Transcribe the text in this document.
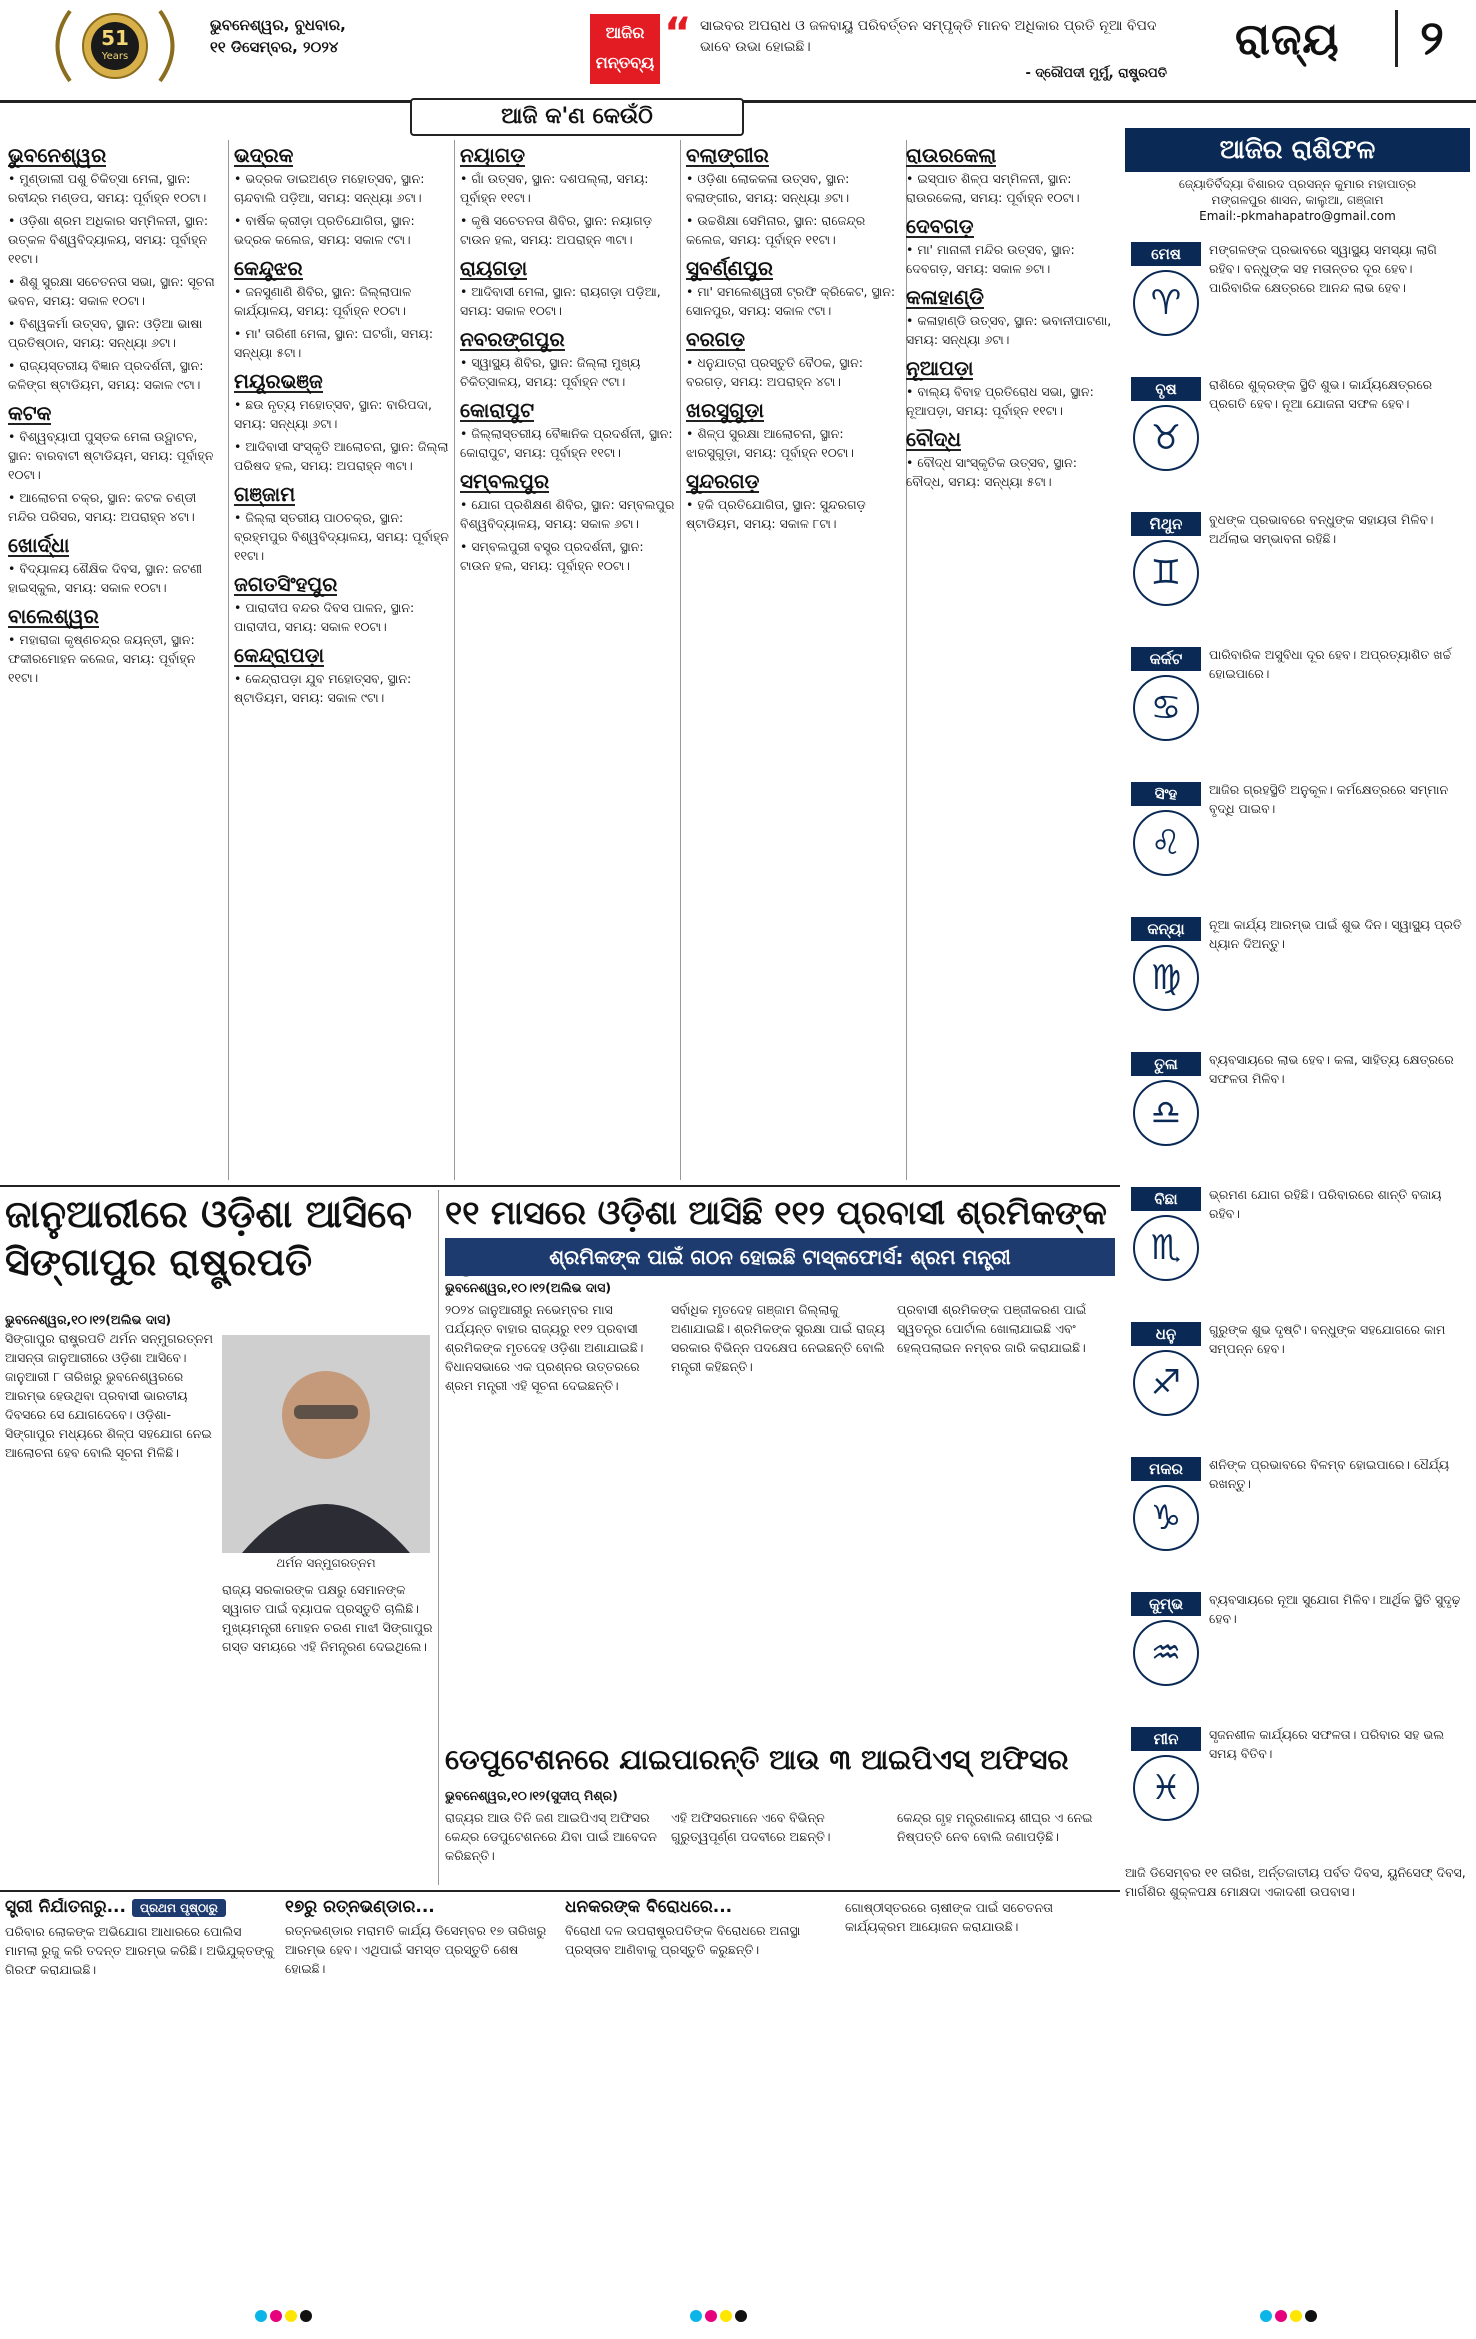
51
Years
ଭୁବନେଶ୍ୱର, ବୁଧବାର,
୧୧ ଡିସେମ୍ବର, ୨୦୨୪
ଆଜିର ମନ୍ତବ୍ୟ
“ ସାଇବର ଅପରାଧ ଓ ଜଳବାୟୁ ପରିବର୍ତ୍ତନ ସମ୍ପୃକ୍ତି ମାନବ ଅଧିକାର ପ୍ରତି ନୂଆ ବିପଦ ଭାବେ ଉଭା ହୋଇଛି।
- ଦ୍ରୌପଦୀ ମୁର୍ମୁ, ରାଷ୍ଟ୍ରପତି
ରାଜ୍ୟ	୨
ଆଜି କ'ଣ କେଉଁଠି
ଭୁବନେଶ୍ୱର

• ମୁଣ୍ଡାଲୀ ପଶୁ ଚିକିତ୍ସା ମେଳା, ସ୍ଥାନ: ରବୀନ୍ଦ୍ର ମଣ୍ଡପ, ସମୟ: ପୂର୍ବାହ୍ନ ୧୦ଟା।

• ଓଡ଼ିଶା ଶ୍ରମ ଅଧିକାର ସମ୍ମିଳନୀ, ସ୍ଥାନ: ଉତ୍କଳ ବିଶ୍ୱବିଦ୍ୟାଳୟ, ସମୟ: ପୂର୍ବାହ୍ନ ୧୧ଟା।

• ଶିଶୁ ସୁରକ୍ଷା ସଚେତନତା ସଭା, ସ୍ଥାନ: ସୂଚନା ଭବନ, ସମୟ: ସକାଳ ୧୦ଟା।

• ବିଶ୍ୱକର୍ମା ଉତ୍ସବ, ସ୍ଥାନ: ଓଡ଼ିଆ ଭାଷା ପ୍ରତିଷ୍ଠାନ, ସମୟ: ସନ୍ଧ୍ୟା ୬ଟା।

• ରାଜ୍ୟସ୍ତରୀୟ ବିଜ୍ଞାନ ପ୍ରଦର୍ଶନୀ, ସ୍ଥାନ: କଳିଙ୍ଗ ଷ୍ଟାଡିୟମ, ସମୟ: ସକାଳ ୯ଟା।

କଟକ

• ବିଶ୍ୱବ୍ୟାପୀ ପୁସ୍ତକ ମେଳା ଉଦ୍ଘାଟନ, ସ୍ଥାନ: ବାରବାଟୀ ଷ୍ଟାଡିୟମ, ସମୟ: ପୂର୍ବାହ୍ନ ୧୦ଟା।

• ଆଲୋଚନା ଚକ୍ର, ସ୍ଥାନ: କଟକ ଚଣ୍ଡୀ ମନ୍ଦିର ପରିସର, ସମୟ: ଅପରାହ୍ନ ୪ଟା।

ଖୋର୍ଦ୍ଧା

• ବିଦ୍ୟାଳୟ ଶୈକ୍ଷିକ ଦିବସ, ସ୍ଥାନ: ଜଟଣୀ ହାଇସ୍କୁଲ, ସମୟ: ସକାଳ ୧୦ଟା।

ବାଲେଶ୍ୱର

• ମହାରାଜା କୃଷ୍ଣଚନ୍ଦ୍ର ଜୟନ୍ତୀ, ସ୍ଥାନ: ଫକୀରମୋହନ କଲେଜ, ସମୟ: ପୂର୍ବାହ୍ନ ୧୧ଟା।

ଭଦ୍ରକ

• ଭଦ୍ରକ ଡାଇଅଣ୍ଡ ମହୋତ୍ସବ, ସ୍ଥାନ: ଚାନ୍ଦବାଲି ପଡ଼ିଆ, ସମୟ: ସନ୍ଧ୍ୟା ୬ଟା।

• ବାର୍ଷିକ କ୍ରୀଡ଼ା ପ୍ରତିଯୋଗିତା, ସ୍ଥାନ: ଭଦ୍ରକ କଲେଜ, ସମୟ: ସକାଳ ୯ଟା।

କେନ୍ଦୁଝର

• ଜନସୁଣାଣି ଶିବିର, ସ୍ଥାନ: ଜିଲ୍ଲାପାଳ କାର୍ଯ୍ୟାଳୟ, ସମୟ: ପୂର୍ବାହ୍ନ ୧୦ଟା।

• ମା' ତାରିଣୀ ମେଳା, ସ୍ଥାନ: ଘଟଗାଁ, ସମୟ: ସନ୍ଧ୍ୟା ୫ଟା।

ମୟୂରଭଞ୍ଜ

• ଛଉ ନୃତ୍ୟ ମହୋତ୍ସବ, ସ୍ଥାନ: ବାରିପଦା, ସମୟ: ସନ୍ଧ୍ୟା ୬ଟା।

• ଆଦିବାସୀ ସଂସ୍କୃତି ଆଲୋଚନା, ସ୍ଥାନ: ଜିଲ୍ଲା ପରିଷଦ ହଲ, ସମୟ: ଅପରାହ୍ନ ୩ଟା।

ଗଞ୍ଜାମ

• ଜିଲ୍ଲା ସ୍ତରୀୟ ପାଠଚକ୍ର, ସ୍ଥାନ: ବ୍ରହ୍ମପୁର ବିଶ୍ୱବିଦ୍ୟାଳୟ, ସମୟ: ପୂର୍ବାହ୍ନ ୧୧ଟା।

ଜଗତସିଂହପୁର

• ପାରାଦୀପ ବନ୍ଦର ଦିବସ ପାଳନ, ସ୍ଥାନ: ପାରାଦୀପ, ସମୟ: ସକାଳ ୧୦ଟା।

କେନ୍ଦ୍ରାପଡ଼ା

• କେନ୍ଦ୍ରାପଡ଼ା ଯୁବ ମହୋତ୍ସବ, ସ୍ଥାନ: ଷ୍ଟାଡିୟମ, ସମୟ: ସକାଳ ୯ଟା।

ନୟାଗଡ଼

• ଗାଁ ଉତ୍ସବ, ସ୍ଥାନ: ଦଶପଲ୍ଲା, ସମୟ: ପୂର୍ବାହ୍ନ ୧୧ଟା।

• କୃଷି ସଚେତନତା ଶିବିର, ସ୍ଥାନ: ନୟାଗଡ଼ ଟାଉନ ହଲ, ସମୟ: ଅପରାହ୍ନ ୩ଟା।

ରାୟଗଡ଼ା

• ଆଦିବାସୀ ମେଳା, ସ୍ଥାନ: ରାୟଗଡ଼ା ପଡ଼ିଆ, ସମୟ: ସକାଳ ୧୦ଟା।

ନବରଙ୍ଗପୁର

• ସ୍ୱାସ୍ଥ୍ୟ ଶିବିର, ସ୍ଥାନ: ଜିଲ୍ଲା ମୁଖ୍ୟ ଚିକିତ୍ସାଳୟ, ସମୟ: ପୂର୍ବାହ୍ନ ୯ଟା।

କୋରାପୁଟ

• ଜିଲ୍ଲାସ୍ତରୀୟ ବୈଜ୍ଞାନିକ ପ୍ରଦର୍ଶନୀ, ସ୍ଥାନ: କୋରାପୁଟ, ସମୟ: ପୂର୍ବାହ୍ନ ୧୧ଟା।

ସମ୍ବଲପୁର

• ଯୋଗ ପ୍ରଶିକ୍ଷଣ ଶିବିର, ସ୍ଥାନ: ସମ୍ବଲପୁର ବିଶ୍ୱବିଦ୍ୟାଳୟ, ସମୟ: ସକାଳ ୬ଟା।

• ସମ୍ବଲପୁରୀ ବସ୍ତ୍ର ପ୍ରଦର୍ଶନୀ, ସ୍ଥାନ: ଟାଉନ ହଲ, ସମୟ: ପୂର୍ବାହ୍ନ ୧୦ଟା।

ବଲାଙ୍ଗୀର

• ଓଡ଼ିଶା ଲୋକକଳା ଉତ୍ସବ, ସ୍ଥାନ: ବଲାଙ୍ଗୀର, ସମୟ: ସନ୍ଧ୍ୟା ୬ଟା।

• ଉଚ୍ଚଶିକ୍ଷା ସେମିନାର, ସ୍ଥାନ: ରାଜେନ୍ଦ୍ର କଲେଜ, ସମୟ: ପୂର୍ବାହ୍ନ ୧୧ଟା।

ସୁବର୍ଣ୍ଣପୁର

• ମା' ସମଲେଶ୍ୱରୀ ଟ୍ରଫି କ୍ରିକେଟ, ସ୍ଥାନ: ସୋନପୁର, ସମୟ: ସକାଳ ୯ଟା।

ବରଗଡ଼

• ଧନୁଯାତ୍ରା ପ୍ରସ୍ତୁତି ବୈଠକ, ସ୍ଥାନ: ବରଗଡ଼, ସମୟ: ଅପରାହ୍ନ ୪ଟା।

ଖରସୁଗୁଡ଼ା

• ଶିଳ୍ପ ସୁରକ୍ଷା ଆଲୋଚନା, ସ୍ଥାନ: ଝାରସୁଗୁଡ଼ା, ସମୟ: ପୂର୍ବାହ୍ନ ୧୦ଟା।

ସୁନ୍ଦରଗଡ଼

• ହକି ପ୍ରତିଯୋଗିତା, ସ୍ଥାନ: ସୁନ୍ଦରଗଡ଼ ଷ୍ଟାଡିୟମ, ସମୟ: ସକାଳ ୮ଟା।

ରାଉରକେଲା

• ଇସ୍ପାତ ଶିଳ୍ପ ସମ୍ମିଳନୀ, ସ୍ଥାନ: ରାଉରକେଲା, ସମୟ: ପୂର୍ବାହ୍ନ ୧୦ଟା।

ଦେବଗଡ଼

• ମା' ମାନାଳୀ ମନ୍ଦିର ଉତ୍ସବ, ସ୍ଥାନ: ଦେବଗଡ଼, ସମୟ: ସକାଳ ୭ଟା।

କଳାହାଣ୍ଡି

• କଳାହାଣ୍ଡି ଉତ୍ସବ, ସ୍ଥାନ: ଭବାନୀପାଟଣା, ସମୟ: ସନ୍ଧ୍ୟା ୬ଟା।

ନୂଆପଡ଼ା

• ବାଲ୍ୟ ବିବାହ ପ୍ରତିରୋଧ ସଭା, ସ୍ଥାନ: ନୂଆପଡ଼ା, ସମୟ: ପୂର୍ବାହ୍ନ ୧୧ଟା।

ବୌଦ୍ଧ

• ବୌଦ୍ଧ ସାଂସ୍କୃତିକ ଉତ୍ସବ, ସ୍ଥାନ: ବୌଦ୍ଧ, ସମୟ: ସନ୍ଧ୍ୟା ୫ଟା।

ଆଜିର ରାଶିଫଳ
ଜ୍ୟୋତିର୍ବିଦ୍ୟା ବିଶାରଦ ପ୍ରସନ୍ନ କୁମାର ମହାପାତ୍ର
ମଙ୍ଗଳପୁର ଶାସନ, କାଲୁଆ, ଗଞ୍ଜାମ
Email:-pkmahapatro@gmail.com
ମେଷ
♈
ମଙ୍ଗଳଙ୍କ ପ୍ରଭାବରେ ସ୍ୱାସ୍ଥ୍ୟ ସମସ୍ୟା ଲାଗି ରହିବ। ବନ୍ଧୁଙ୍କ ସହ ମତାନ୍ତର ଦୂର ହେବ। ପାରିବାରିକ କ୍ଷେତ୍ରରେ ଆନନ୍ଦ ଲାଭ ହେବ।
ବୃଷ
♉
ରାଶିରେ ଶୁକ୍ରଙ୍କ ସ୍ଥିତି ଶୁଭ। କାର୍ଯ୍ୟକ୍ଷେତ୍ରରେ ପ୍ରଗତି ହେବ। ନୂଆ ଯୋଜନା ସଫଳ ହେବ।
ମିଥୁନ
♊
ବୁଧଙ୍କ ପ୍ରଭାବରେ ବନ୍ଧୁଙ୍କ ସହାୟତା ମିଳିବ। ଅର୍ଥଲାଭ ସମ୍ଭାବନା ରହିଛି।
କର୍କଟ
♋
ପାରିବାରିକ ଅସୁବିଧା ଦୂର ହେବ। ଅପ୍ରତ୍ୟାଶିତ ଖର୍ଚ୍ଚ ହୋଇପାରେ।
ସିଂହ
♌
ଆଜିର ଗ୍ରହସ୍ଥିତି ଅନୁକୂଳ। କର୍ମକ୍ଷେତ୍ରରେ ସମ୍ମାନ ବୃଦ୍ଧି ପାଇବ।
କନ୍ୟା
♍
ନୂଆ କାର୍ଯ୍ୟ ଆରମ୍ଭ ପାଇଁ ଶୁଭ ଦିନ। ସ୍ୱାସ୍ଥ୍ୟ ପ୍ରତି ଧ୍ୟାନ ଦିଅନ୍ତୁ।
ତୁଳା
♎
ବ୍ୟବସାୟରେ ଲାଭ ହେବ। କଳା, ସାହିତ୍ୟ କ୍ଷେତ୍ରରେ ସଫଳତା ମିଳିବ।
ବିଛା
♏
ଭ୍ରମଣ ଯୋଗ ରହିଛି। ପରିବାରରେ ଶାନ୍ତି ବଜାୟ ରହିବ।
ଧନୁ
♐
ଗୁରୁଙ୍କ ଶୁଭ ଦୃଷ୍ଟି। ବନ୍ଧୁଙ୍କ ସହଯୋଗରେ କାମ ସମ୍ପନ୍ନ ହେବ।
ମକର
♑
ଶନିଙ୍କ ପ୍ରଭାବରେ ବିଳମ୍ବ ହୋଇପାରେ। ଧୈର୍ଯ୍ୟ ରଖନ୍ତୁ।
କୁମ୍ଭ
♒
ବ୍ୟବସାୟରେ ନୂଆ ସୁଯୋଗ ମିଳିବ। ଆର୍ଥିକ ସ୍ଥିତି ସୁଦୃଢ଼ ହେବ।
ମୀନ
♓
ସୃଜନଶୀଳ କାର୍ଯ୍ୟରେ ସଫଳତା। ପରିବାର ସହ ଭଲ ସମୟ ବିତିବ।
ଆଜି ଡିସେମ୍ବର ୧୧ ତାରିଖ, ଅର୍ନ୍ତଜାତୀୟ ପର୍ବତ ଦିବସ, ୟୁନିସେଫ୍ ଦିବସ, ମାର୍ଗଶିର ଶୁକ୍ଳପକ୍ଷ ମୋକ୍ଷଦା ଏକାଦଶୀ ଉପବାସ।
ଜାନୁଆରୀରେ ଓଡ଼ିଶା ଆସିବେ ସିଙ୍ଗାପୁର ରାଷ୍ଟ୍ରପତି
ଭୁବନେଶ୍ୱର,୧୦।୧୨(ଅଲିଭ ଦାସ)
ସିଙ୍ଗାପୁର ରାଷ୍ଟ୍ରପତି ଥର୍ମନ ସନ୍ମୁଗରତ୍ନମ ଆସନ୍ତା ଜାନୁଆରୀରେ ଓଡ଼ିଶା ଆସିବେ। ଜାନୁଆରୀ ୮ ତାରିଖରୁ ଭୁବନେଶ୍ୱରରେ ଆରମ୍ଭ ହେଉଥିବା ପ୍ରବାସୀ ଭାରତୀୟ ଦିବସରେ ସେ ଯୋଗଦେବେ। ଓଡ଼ିଶା-ସିଙ୍ଗାପୁର ମଧ୍ୟରେ ଶିଳ୍ପ ସହଯୋଗ ନେଇ ଆଲୋଚନା ହେବ ବୋଲି ସୂଚନା ମିଳିଛି।
ଥର୍ମନ ସନ୍ମୁଗରତ୍ନମ
ରାଜ୍ୟ ସରକାରଙ୍କ ପକ୍ଷରୁ ସେମାନଙ୍କ ସ୍ୱାଗତ ପାଇଁ ବ୍ୟାପକ ପ୍ରସ୍ତୁତି ଚାଲିଛି। ମୁଖ୍ୟମନ୍ତ୍ରୀ ମୋହନ ଚରଣ ମାଝୀ ସିଙ୍ଗାପୁର ଗସ୍ତ ସମୟରେ ଏହି ନିମନ୍ତ୍ରଣ ଦେଇଥିଲେ।
୧୧ ମାସରେ ଓଡ଼ିଶା ଆସିଛି ୧୧୨ ପ୍ରବାସୀ ଶ୍ରମିକଙ୍କ
ଶ୍ରମିକଙ୍କ ପାଇଁ ଗଠନ ହୋଇଛି ଟାସ୍କଫୋର୍ସ: ଶ୍ରମ ମନ୍ତ୍ରୀ
ଭୁବନେଶ୍ୱର,୧୦।୧୨(ଅଲିଭ ଦାସ)
୨୦୨୪ ଜାନୁଆରୀରୁ ନଭେମ୍ବର ମାସ ପର୍ଯ୍ୟନ୍ତ ବାହାର ରାଜ୍ୟରୁ ୧୧୨ ପ୍ରବାସୀ ଶ୍ରମିକଙ୍କ ମୃତଦେହ ଓଡ଼ିଶା ଅଣାଯାଇଛି। ବିଧାନସଭାରେ ଏକ ପ୍ରଶ୍ନର ଉତ୍ତରରେ ଶ୍ରମ ମନ୍ତ୍ରୀ ଏହି ସୂଚନା ଦେଇଛନ୍ତି।
ସର୍ବାଧିକ ମୃତଦେହ ଗଞ୍ଜାମ ଜିଲ୍ଲାକୁ ଅଣାଯାଇଛି। ଶ୍ରମିକଙ୍କ ସୁରକ୍ଷା ପାଇଁ ରାଜ୍ୟ ସରକାର ବିଭିନ୍ନ ପଦକ୍ଷେପ ନେଇଛନ୍ତି ବୋଲି ମନ୍ତ୍ରୀ କହିଛନ୍ତି।
ପ୍ରବାସୀ ଶ୍ରମିକଙ୍କ ପଞ୍ଜୀକରଣ ପାଇଁ ସ୍ୱତନ୍ତ୍ର ପୋର୍ଟାଲ ଖୋଲାଯାଇଛି ଏବଂ ହେଲ୍ପଲାଇନ ନମ୍ବର ଜାରି କରାଯାଇଛି।
ଡେପୁଟେଶନରେ ଯାଇପାରନ୍ତି ଆଉ ୩ ଆଇପିଏସ୍ ଅଫିସର
ଭୁବନେଶ୍ୱର,୧୦।୧୨(ସୁଦୀପ୍ ମିଶ୍ର)
ରାଜ୍ୟର ଆଉ ତିନି ଜଣ ଆଇପିଏସ୍ ଅଫିସର କେନ୍ଦ୍ର ଡେପୁଟେଶନରେ ଯିବା ପାଇଁ ଆବେଦନ କରିଛନ୍ତି।
ଏହି ଅଫିସରମାନେ ଏବେ ବିଭିନ୍ନ ଗୁରୁତ୍ୱପୂର୍ଣ୍ଣ ପଦବୀରେ ଅଛନ୍ତି।
କେନ୍ଦ୍ର ଗୃହ ମନ୍ତ୍ରଣାଳୟ ଶୀଘ୍ର ଏ ନେଇ ନିଷ୍ପତ୍ତି ନେବ ବୋଲି ଜଣାପଡ଼ିଛି।
ସ୍ତ୍ରୀ ନିର୍ଯାତନାରୁ... ପ୍ରଥମ ପୃଷ୍ଠାରୁ
ପରିବାର ଲୋକଙ୍କ ଅଭିଯୋଗ ଆଧାରରେ ପୋଲିସ ମାମଲା ରୁଜୁ କରି ତଦନ୍ତ ଆରମ୍ଭ କରିଛି। ଅଭିଯୁକ୍ତଙ୍କୁ ଗିରଫ କରାଯାଇଛି।
୧୭ରୁ ରତ୍ନଭଣ୍ଡାର...
ରତ୍ନଭଣ୍ଡାର ମରାମତି କାର୍ଯ୍ୟ ଡିସେମ୍ବର ୧୭ ତାରିଖରୁ ଆରମ୍ଭ ହେବ। ଏଥିପାଇଁ ସମସ୍ତ ପ୍ରସ୍ତୁତି ଶେଷ ହୋଇଛି।
ଧନକରଙ୍କ ବିରୋଧରେ...
ବିରୋଧୀ ଦଳ ଉପରାଷ୍ଟ୍ରପତିଙ୍କ ବିରୋଧରେ ଅନାସ୍ଥା ପ୍ରସ୍ତାବ ଆଣିବାକୁ ପ୍ରସ୍ତୁତି କରୁଛନ୍ତି।
ଗୋଷ୍ଠୀସ୍ତରରେ ଚାଷୀଙ୍କ ପାଇଁ ସଚେତନତା କାର୍ଯ୍ୟକ୍ରମ ଆୟୋଜନ କରାଯାଉଛି।
